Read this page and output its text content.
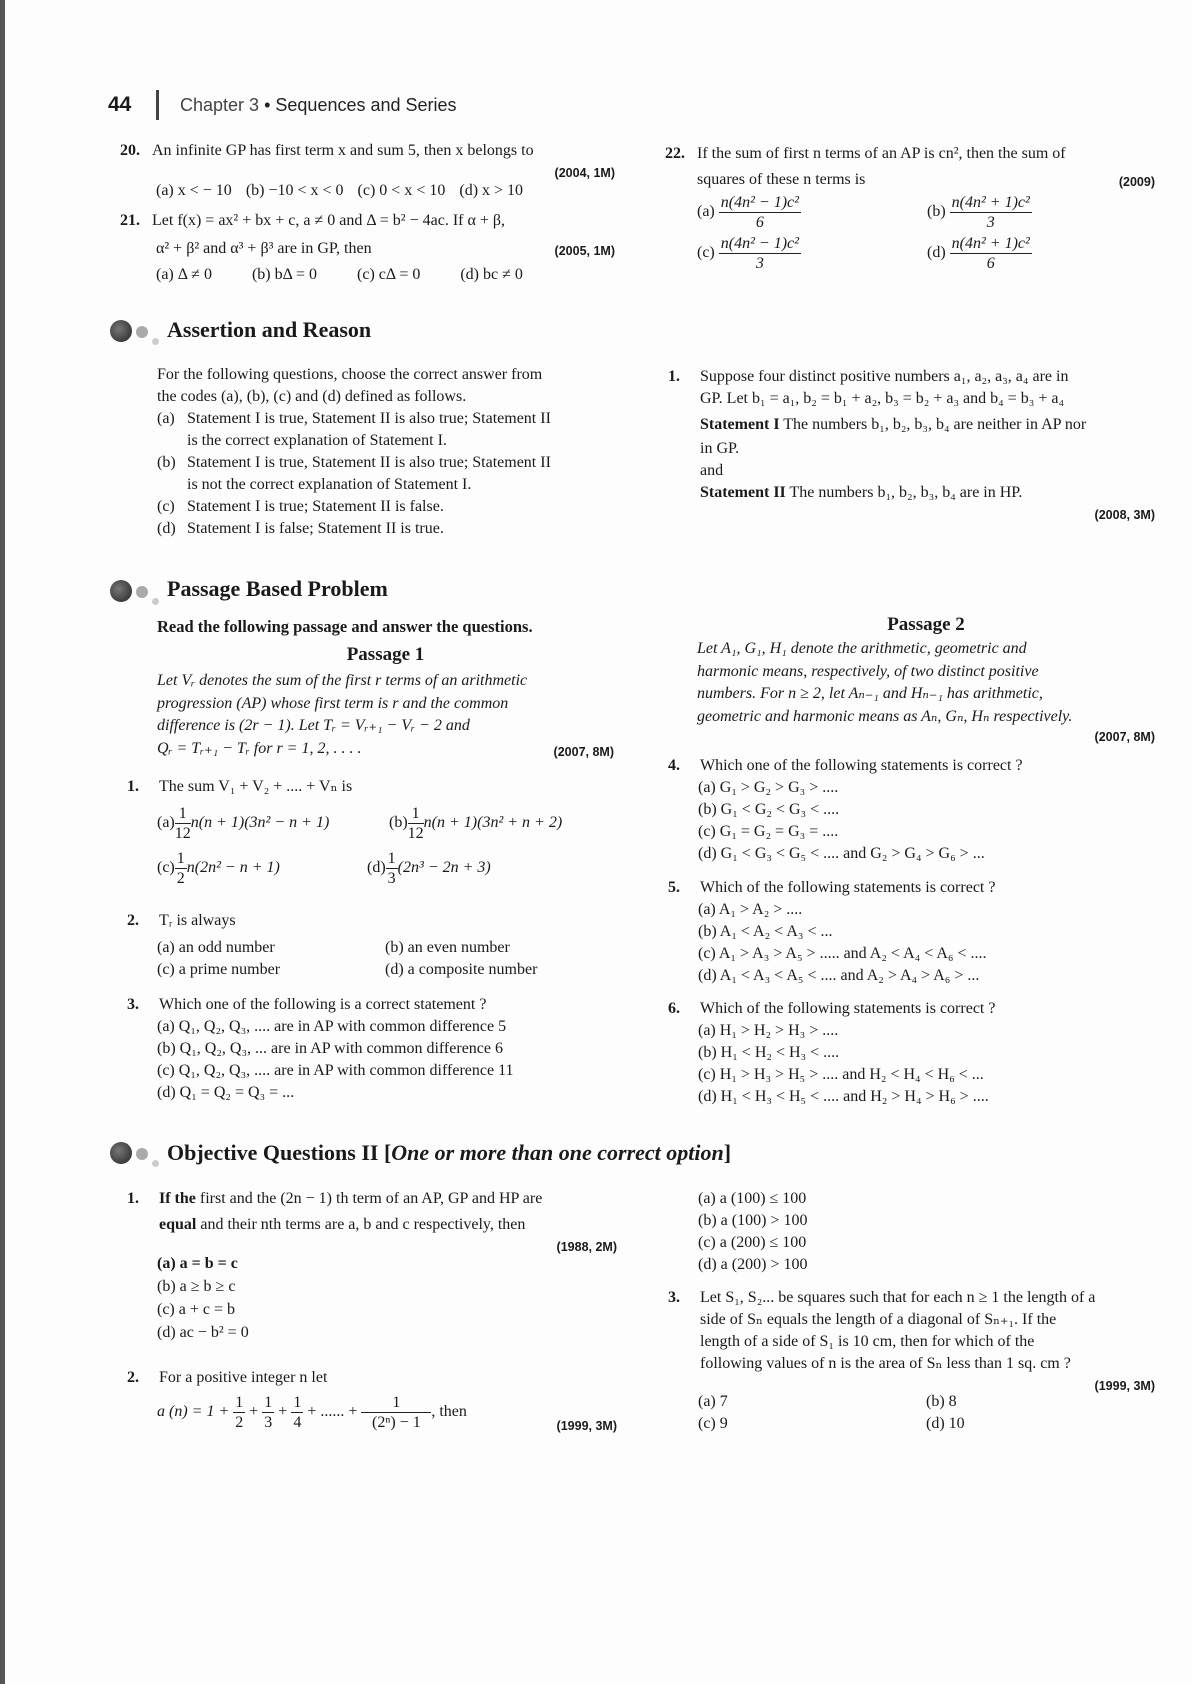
44	Chapter 3 • Sequences and Series
20. An infinite GP has first term x and sum 5, then x belongs to
(2004, 1M)
(a) x < − 10 (b) −10 < x < 0 (c) 0 < x < 10 (d) x > 10
21. Let f(x) = ax² + bx + c, a ≠ 0 and Δ = b² − 4ac. If α + β,
α² + β² and α³ + β³ are in GP, then	(2005, 1M)
(a) Δ ≠ 0	(b) bΔ = 0	(c) cΔ = 0	(d) bc ≠ 0
22. If the sum of first n terms of an AP is cn², then the sum of
squares of these n terms is	(2009)
$(a) \frac{\text{n(4n² − 1)c²}}{6}$	$(b) \frac{\text{n(4n² + 1)c²}}{3}$
$(c) \frac{\text{n(4n² − 1)c²}}{3}$	$(d) \frac{\text{n(4n² + 1)c²}}{6}$
Assertion and Reason
For the following questions, choose the correct answer from
the codes (a), (b), (c) and (d) defined as follows.
(a) Statement I is true, Statement II is also true; Statement II
is the correct explanation of Statement I.
(b) Statement I is true, Statement II is also true; Statement II
is not the correct explanation of Statement I.
(c) Statement I is true; Statement II is false.
(d) Statement I is false; Statement II is true.
1. Suppose four distinct positive numbers a₁, a₂, a₃, a₄ are in
GP. Let b₁ = a₁, b₂ = b₁ + a₂, b₃ = b₂ + a₃ and b₄ = b₃ + a₄
Statement I The numbers b₁, b₂, b₃, b₄ are neither in AP nor
in GP.
and
Statement II The numbers b₁, b₂, b₃, b₄ are in HP.
(2008, 3M)
Passage Based Problem
Read the following passage and answer the questions.
Passage 1
Let Vᵣ denotes the sum of the first r terms of an arithmetic
progression (AP) whose first term is r and the common
difference is (2r − 1). Let Tᵣ = Vᵣ₊₁ − Vᵣ − 2 and
Qᵣ = Tᵣ₊₁ − Tᵣ for r = 1, 2, . . . .	(2007, 8M)
1. The sum V₁ + V₂ + .... + Vₙ is
$(a) \frac{1}{12} n(n + 1)(3n^2 - n + 1)$	$(b) \frac{1}{12} n(n + 1)(3n^2 + n + 2)$
$(c) \frac{1}{2} n(2n^2 - n + 1)$	$(d) \frac{1}{3} (2n^3 - 2n + 3)$
2. Tᵣ is always
(a) an odd number	(b) an even number
(c) a prime number	(d) a composite number
3. Which one of the following is a correct statement ?
(a) Q₁, Q₂, Q₃, .... are in AP with common difference 5
(b) Q₁, Q₂, Q₃, ... are in AP with common difference 6
(c) Q₁, Q₂, Q₃, .... are in AP with common difference 11
(d) Q₁ = Q₂ = Q₃ = ...
Passage 2
Let A₁, G₁, H₁ denote the arithmetic, geometric and
harmonic means, respectively, of two distinct positive
numbers. For n ≥ 2, let Aₙ₋₁ and Hₙ₋₁ has arithmetic,
geometric and harmonic means as Aₙ, Gₙ, Hₙ respectively.
(2007, 8M)
4. Which one of the following statements is correct ?
(a) G₁ > G₂ > G₃ > ....
(b) G₁ < G₂ < G₃ < ....
(c) G₁ = G₂ = G₃ = ....
(d) G₁ < G₃ < G₅ < .... and G₂ > G₄ > G₆ > ...
5. Which of the following statements is correct ?
(a) A₁ > A₂ > ....
(b) A₁ < A₂ < A₃ < ...
(c) A₁ > A₃ > A₅ > ..... and A₂ < A₄ < A₆ < ....
(d) A₁ < A₃ < A₅ < .... and A₂ > A₄ > A₆ > ...
6. Which of the following statements is correct ?
(a) H₁ > H₂ > H₃ > ....
(b) H₁ < H₂ < H₃ < ....
(c) H₁ > H₃ > H₅ > .... and H₂ < H₄ < H₆ < ...
(d) H₁ < H₃ < H₅ < .... and H₂ > H₄ > H₆ > ....
Objective Questions II [One or more than one correct option]
1. If the first and the (2n − 1) th term of an AP, GP and HP are
equal and their nth terms are a, b and c respectively, then
(1988, 2M)
(a) a = b = c
(b) a ≥ b ≥ c
(c) a + c = b
(d) ac − b² = 0
2. For a positive integer n let
a $(n) = 1 + \frac{1}{2} + \frac{1}{3} + \frac{1}{4}$ + ...... + $\frac{1}{\text{(2ⁿ) − 1}}$ , then
(1999, 3M)
(a) a (100) ≤ 100
(b) a (100) > 100
(c) a (200) ≤ 100
(d) a (200) > 100
3. Let S₁, S₂... be squares such that for each n ≥ 1 the length of a
side of Sₙ equals the length of a diagonal of Sₙ₊₁. If the
length of a side of S₁ is 10 cm, then for which of the
following values of n is the area of Sₙ less than 1 sq. cm ?
(1999, 3M)
(a) 7	(b) 8
(c) 9	(d) 10
